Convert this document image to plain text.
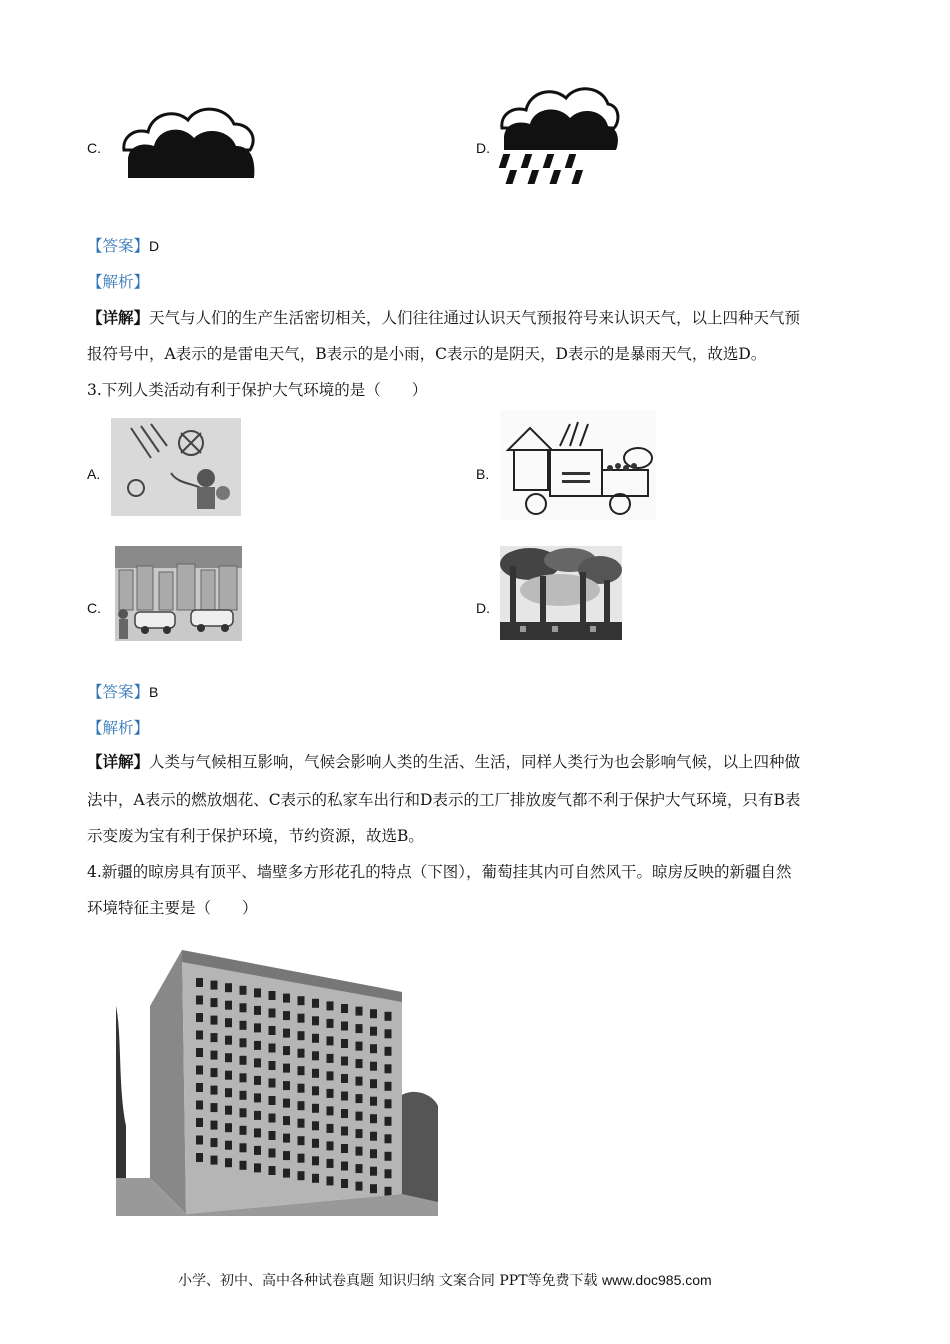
C.	D.
【答案】D
【解析】
【详解】天气与人们的生产生活密切相关，人们往往通过认识天气预报符号来认识天气，以上四种天气预
报符号中，A表示的是雷电天气，B表示的是小雨，C表示的是阴天，D表示的是暴雨天气，故选D。
3.下列人类活动有利于保护大气环境的是（　　）
A.	B.
C.	D.
【答案】B
【解析】
【详解】人类与气候相互影响，气候会影响人类的生活、生活，同样人类行为也会影响气候，以上四种做
法中，A表示的燃放烟花、C表示的私家车出行和D表示的工厂排放废气都不利于保护大气环境，只有B表
示变废为宝有利于保护环境，节约资源，故选B。
4.新疆的晾房具有顶平、墙壁多方形花孔的特点（下图），葡萄挂其内可自然风干。晾房反映的新疆自然
环境特征主要是（　　）
小学、初中、高中各种试卷真题 知识归纳 文案合同 PPT等免费下载 www.doc985.com
